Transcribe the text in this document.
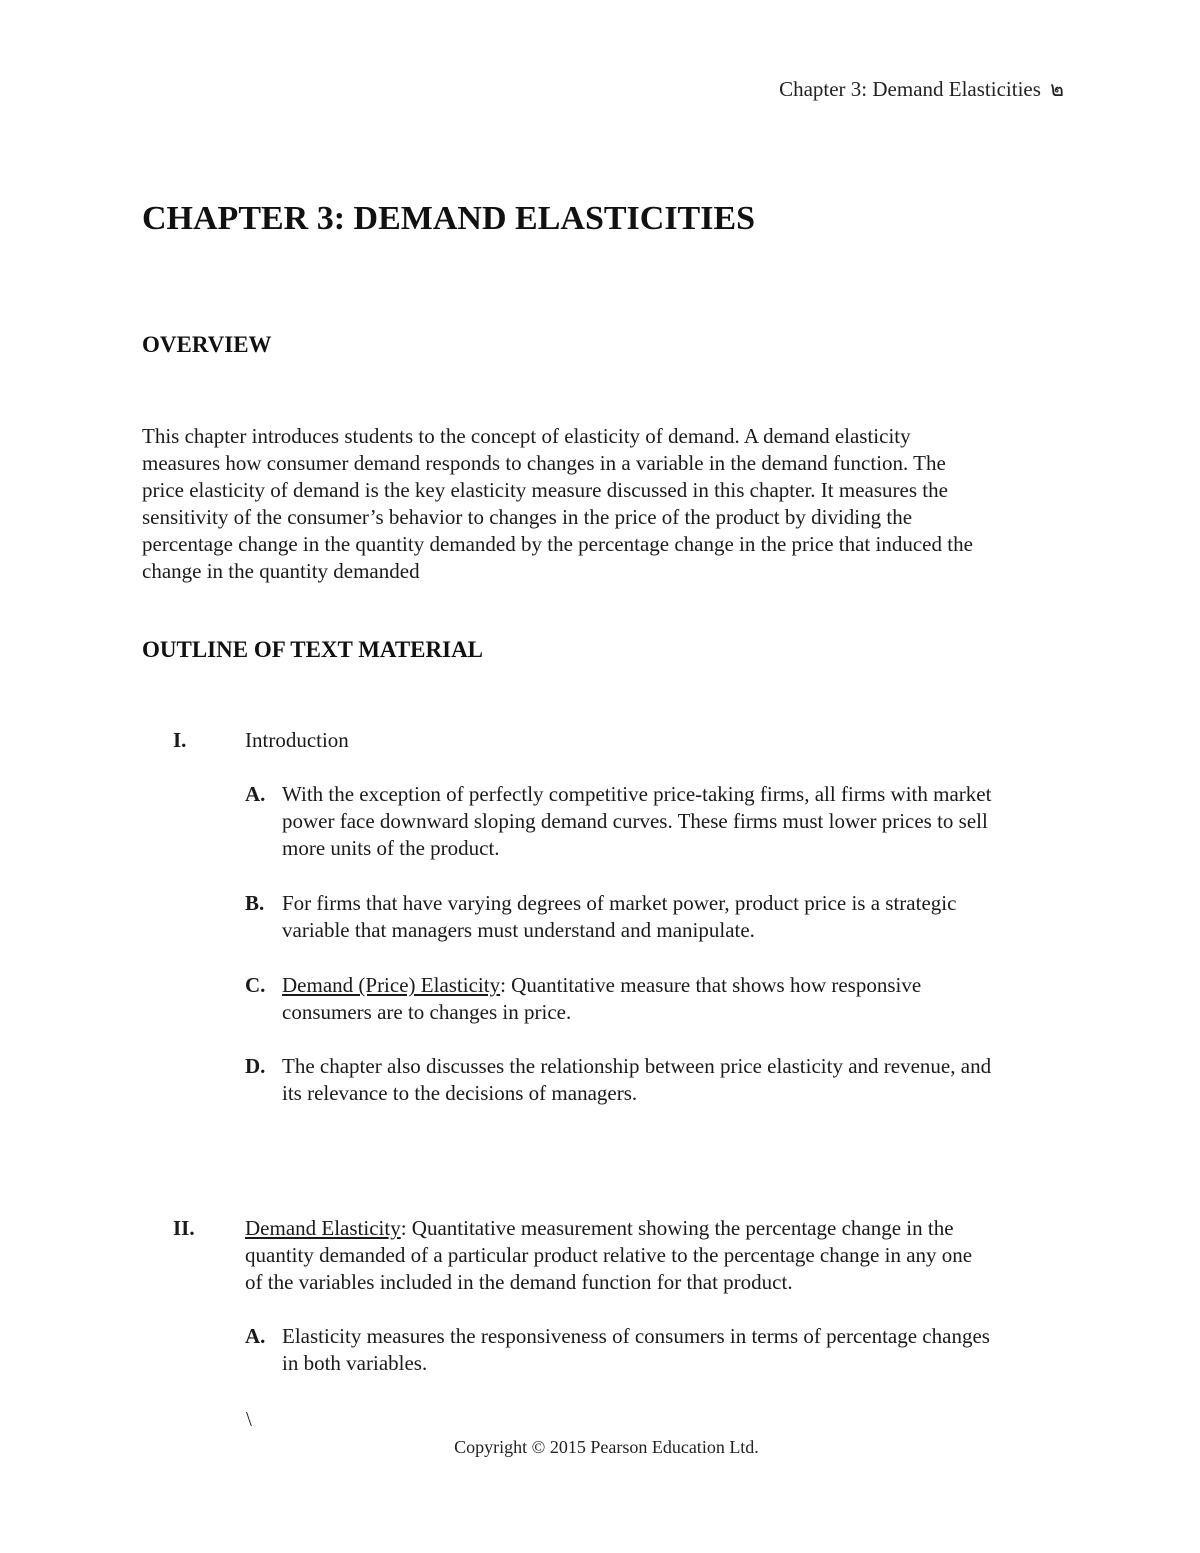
Chapter 3: Demand Elasticities ๒
CHAPTER 3: DEMAND ELASTICITIES
OVERVIEW
This chapter introduces students to the concept of elasticity of demand. A demand elasticity
measures how consumer demand responds to changes in a variable in the demand function. The
price elasticity of demand is the key elasticity measure discussed in this chapter. It measures the
sensitivity of the consumer’s behavior to changes in the price of the product by dividing the
percentage change in the quantity demanded by the percentage change in the price that induced the
change in the quantity demanded
OUTLINE OF TEXT MATERIAL
I.	Introduction
A. With the exception of perfectly competitive price-taking firms, all firms with market
power face downward sloping demand curves. These firms must lower prices to sell
more units of the product.
B. For firms that have varying degrees of market power, product price is a strategic
variable that managers must understand and manipulate.
C. Demand (Price) Elasticity: Quantitative measure that shows how responsive
consumers are to changes in price.
D. The chapter also discusses the relationship between price elasticity and revenue, and
its relevance to the decisions of managers.
II. Demand Elasticity: Quantitative measurement showing the percentage change in the
quantity demanded of a particular product relative to the percentage change in any one
of the variables included in the demand function for that product.
A. Elasticity measures the responsiveness of consumers in terms of percentage changes
in both variables.
\
Copyright © 2015 Pearson Education Ltd.
